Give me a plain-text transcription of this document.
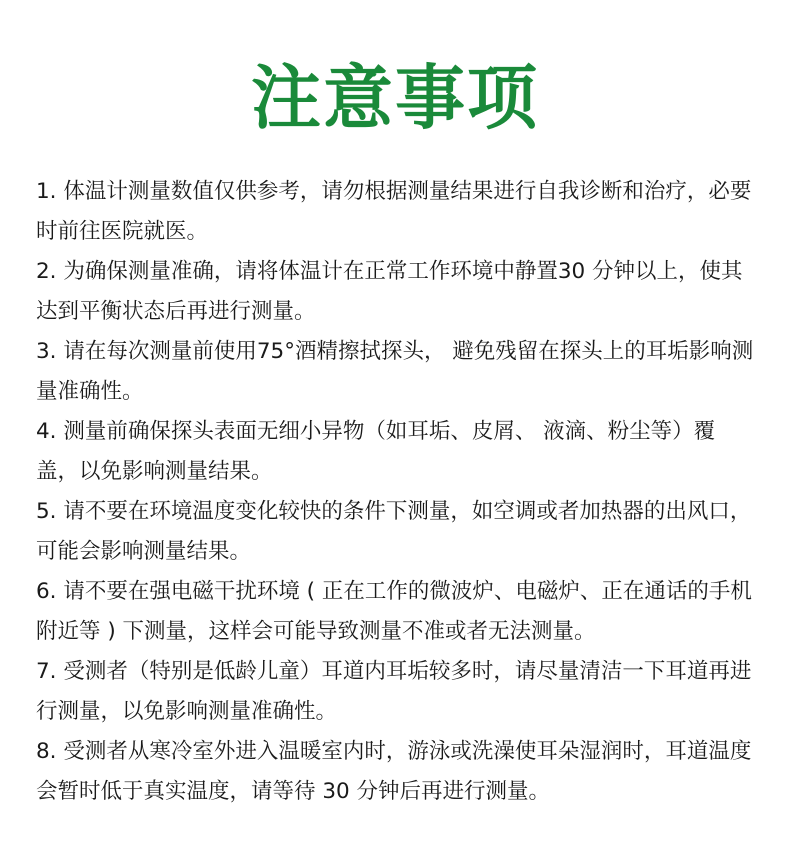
注意事项
1. 体温计测量数值仅供参考，请勿根据测量结果进行自我诊断和治疗，必要时前往医院就医。
2. 为确保测量准确，请将体温计在正常工作环境中静置30 分钟以上，使其达到平衡状态后再进行测量。
3. 请在每次测量前使用75°酒精擦拭探头， 避免残留在探头上的耳垢影响测量准确性。
4. 测量前确保探头表面无细小异物（如耳垢、皮屑、 液滴、粉尘等）覆盖，以免影响测量结果。
5. 请不要在环境温度变化较快的条件下测量，如空调或者加热器的出风口，可能会影响测量结果。
6. 请不要在强电磁干扰环境 ( 正在工作的微波炉、电磁炉、正在通话的手机附近等 ) 下测量，这样会可能导致测量不准或者无法测量。
7. 受测者（特别是低龄儿童）耳道内耳垢较多时，请尽量清洁一下耳道再进行测量，以免影响测量准确性。
8. 受测者从寒冷室外进入温暖室内时，游泳或洗澡使耳朵湿润时，耳道温度会暂时低于真实温度，请等待 30 分钟后再进行测量。
